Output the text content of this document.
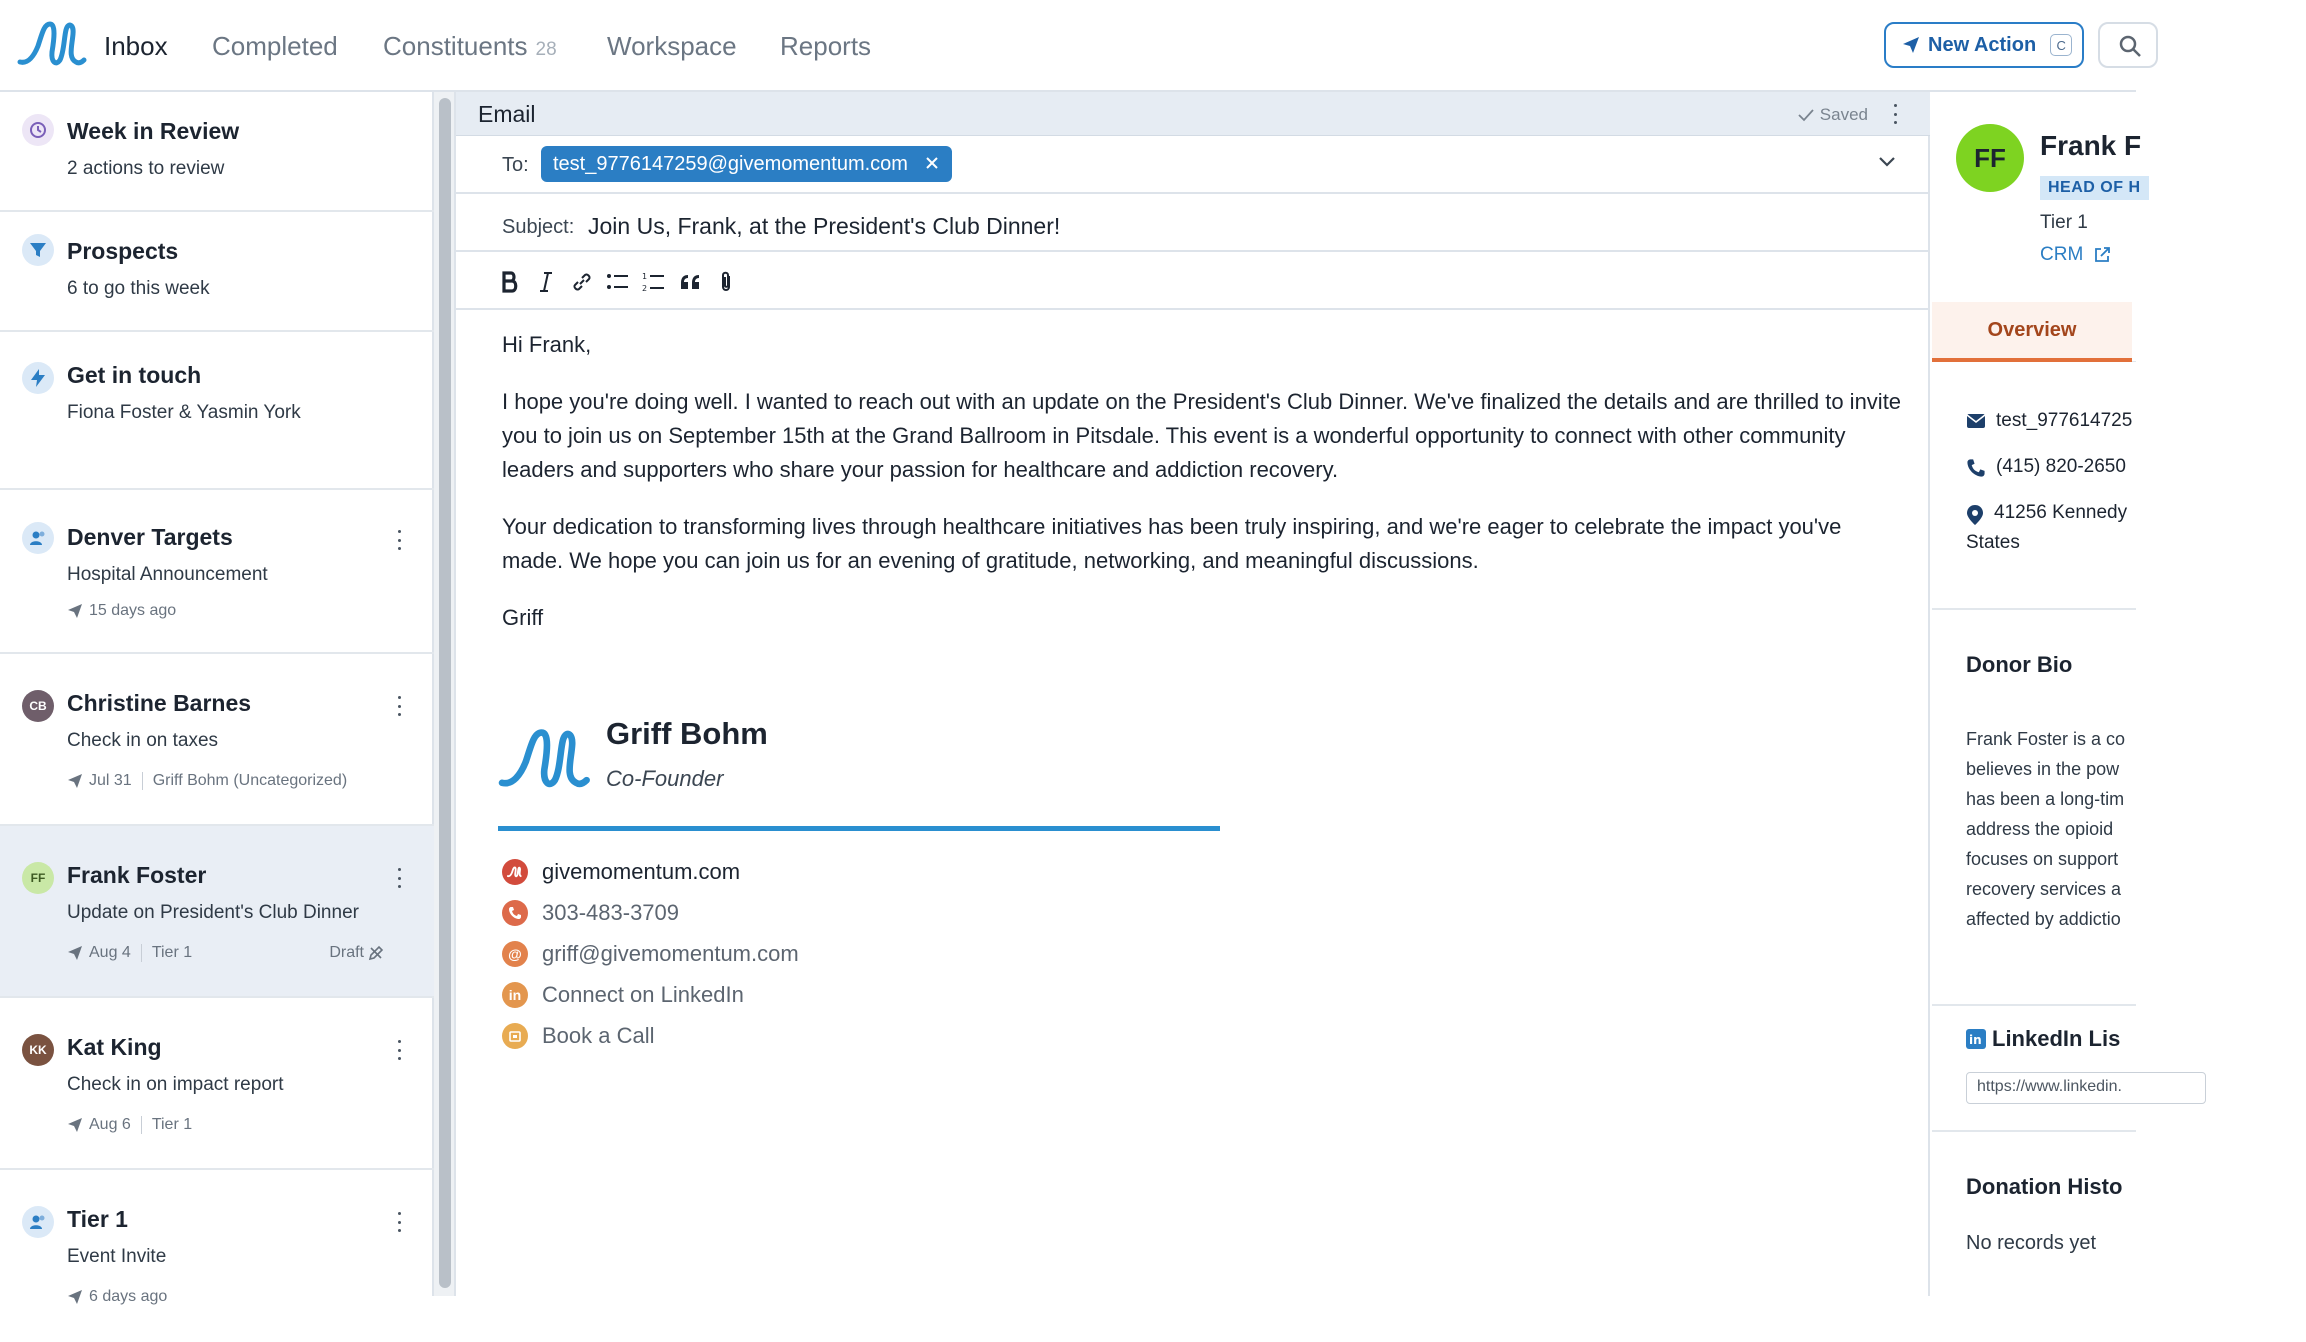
Inbox Completed Constituents 28 Workspace Reports	New Action	C
Week in Review
2 actions to review
Prospects
6 to go this week
Get in touch
Fiona Foster & Yasmin York
Denver Targets
Hospital Announcement
15 days ago
CB Christine Barnes
Check in on taxes
Jul 31 Griff Bohm (Uncategorized)
FF Frank Foster
Update on President's Club Dinner
Aug 4 Tier 1	Draft
KK Kat King
Check in on impact report
Aug 6 Tier 1
Tier 1
Event Invite
6 days ago
Email	Saved
To: test_9776147259@givemomentum.com
Subject: Join Us, Frank, at the President's Club Dinner!
1
2

Hi Frank,

I hope you're doing well. I wanted to reach out with an update on the President's Club Dinner. We've finalized the details and are thrilled to invite you to join us on September 15th at the Grand Ballroom in Pitsdale. This event is a wonderful opportunity to connect with other community leaders and supporters who share your passion for healthcare and addiction recovery.

Your dedication to transforming lives through healthcare initiatives has been truly inspiring, and we're eager to celebrate the impact you've made. We hope you can join us for an evening of gratitude, networking, and meaningful discussions.

Griff

Griff Bohm
Co-Founder
givemomentum.com
303-483-3709
@ griff@givemomentum.com
in Connect on LinkedIn
Book a Call
FF	Frank F
HEAD OF H
Tier 1
CRM
Overview
test_977614725
(415) 820-2650
41256 Kennedy
States
Donor Bio
Frank Foster is a co
believes in the pow
has been a long-tim
address the opioid
focuses on support
recovery services a
affected by addictio
in LinkedIn Lis
https://www.linkedin.
Donation Histo
No records yet
